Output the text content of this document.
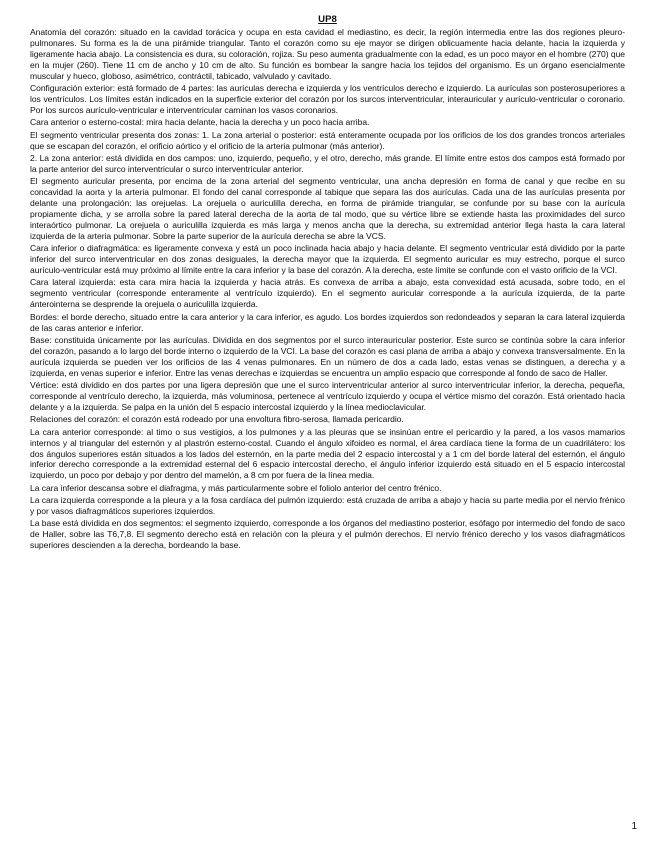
UP8

Anatomía del corazón: situado en la cavidad torácica y ocupa en esta cavidad el mediastino, es decir, la región intermedia entre las dos regiones pleuro-pulmonares. Su forma es la de una pirámide triangular. Tanto el corazón como su eje mayor se dirigen oblicuamente hacia delante, hacia la izquierda y ligeramente hacia abajo. La consistencia es dura, su coloración, rojiza. Su peso aumenta gradualmente con la edad, es un poco mayor en el hombre (270) que en la mujer (260). Tiene 11 cm de ancho y 10 cm de alto. Su función es bombear la sangre hacia los tejidos del organismo. Es un órgano esencialmente muscular y hueco, globoso, asimétrico, contráctil, tabicado, valvulado y cavitado.

Configuración exterior: está formado de 4 partes: las aurículas derecha e izquierda y los ventrículos derecho e izquierdo. La aurículas son posterosuperiores a los ventrículos. Los límites están indicados en la superficie exterior del corazón por los surcos interventricular, interauricular y aurículo-ventricular o coronario. Por los surcos aurículo-ventricular e interventricular caminan los vasos coronarios.

Cara anterior o esterno-costal: mira hacia delante, hacia la derecha y un poco hacia arriba.

El segmento ventricular presenta dos zonas: 1. La zona arterial o posterior: está enteramente ocupada por los orificios de los dos grandes troncos arteriales que se escapan del corazón, el orificio aórtico y el orificio de la arteria pulmonar (más anterior).

2. La zona anterior: está dividida en dos campos: uno, izquierdo, pequeño, y el otro, derecho, más grande. El límite entre estos dos campos está formado por la parte anterior del surco interventricular o surco interventricular anterior.

El segmento auricular presenta, por encima de la zona arterial del segmento ventricular, una ancha depresión en forma de canal y que recibe en su concavidad la aorta y la arteria pulmonar. El fondo del canal corresponde al tabique que separa las dos aurículas. Cada una de las aurículas presenta por delante una prolongación: las orejuelas. La orejuela o auriculilla derecha, en forma de pirámide triangular, se confunde por su base con la aurícula propiamente dicha, y se arrolla sobre la pared lateral derecha de la aorta de tal modo, que su vértice libre se extiende hasta las proximidades del surco interaórtico pulmonar. La orejuela o auriculilla izquierda es más larga y menos ancha que la derecha, su extremidad anterior llega hasta la cara lateral izquierda de la arteria pulmonar. Sobre la parte superior de la aurícula derecha se abre la VCS.

Cara inferior o diafragmática: es ligeramente convexa y está un poco inclinada hacia abajo y hacia delante. El segmento ventricular está dividido por la parte inferior del surco interventricular en dos zonas desiguales, la derecha mayor que la izquierda. El segmento auricular es muy estrecho, porque el surco aurículo-ventricular está muy próximo al límite entre la cara inferior y la base del corazón. A la derecha, este límite se confunde con el vasto orificio de la VCI.

Cara lateral izquierda: esta cara mira hacia la izquierda y hacia atrás. Es convexa de arriba a abajo, esta convexidad está acusada, sobre todo, en el segmento ventricular (corresponde enteramente al ventrículo izquierdo). En el segmento auricular corresponde a la aurícula izquierda, de la parte ánterointerna se desprende la orejuela o auriculilla izquierda.

Bordes: el borde derecho, situado entre la cara anterior y la cara inferior, es agudo. Los bordes izquierdos son redondeados y separan la cara lateral izquierda de las caras anterior e inferior.

Base: constituida únicamente por las aurículas. Dividida en dos segmentos por el surco interauricular posterior. Este surco se continúa sobre la cara inferior del corazón, pasando a lo largo del borde interno o izquierdo de la VCI. La base del corazón es casi plana de arriba a abajo y convexa transversalmente. En la aurícula izquierda se pueden ver los orificios de las 4 venas pulmonares. En un número de dos a cada lado, estas venas se distinguen, a derecha y a izquierda, en venas superior e inferior. Entre las venas derechas e izquierdas se encuentra un amplio espacio que corresponde al fondo de saco de Haller.

Vértice: está dividido en dos partes por una ligera depresión que une el surco interventricular anterior al surco interventricular inferior, la derecha, pequeña, corresponde al ventrículo derecho, la izquierda, más voluminosa, pertenece al ventrículo izquierdo y ocupa el vértice mismo del corazón. Está orientado hacia delante y a la izquierda. Se palpa en la unión del 5 espacio intercostal izquierdo y la línea medioclavicular.

Relaciones del corazón: el corazón está rodeado por una envoltura fibro-serosa, llamada pericardio.

La cara anterior corresponde: al timo o sus vestigios, a los pulmones y a las pleuras que se insinúan entre el pericardio y la pared, a los vasos mamarios internos y al triangular del esternón y al plastrón esterno-costal. Cuando el ángulo xifoideo es normal, el área cardíaca tiene la forma de un cuadrilátero: los dos ángulos superiores están situados a los lados del esternón, en la parte media del 2 espacio intercostal y a 1 cm del borde lateral del esternón, el ángulo inferior derecho corresponde a la extremidad esternal del 6 espacio intercostal derecho, el ángulo inferior izquierdo está situado en el 5 espacio intercostal izquierdo, un poco por debajo y por dentro del mamelón, a 8 cm por fuera de la línea media.

La cara inferior descansa sobre el diafragma, y más particularmente sobre el foliolo anterior del centro frénico.

La cara izquierda corresponde a la pleura y a la fosa cardíaca del pulmón izquierdo: está cruzada de arriba a abajo y hacia su parte media por el nervio frénico y por vasos diafragmáticos superiores izquierdos.

La base está dividida en dos segmentos: el segmento izquierdo, corresponde a los órganos del mediastino posterior, esófago por intermedio del fondo de saco de Haller, sobre las T6,7,8. El segmento derecho está en relación con la pleura y el pulmón derechos. El nervio frénico derecho y los vasos diafragmáticos superiores descienden a la derecha, bordeando la base.

1
